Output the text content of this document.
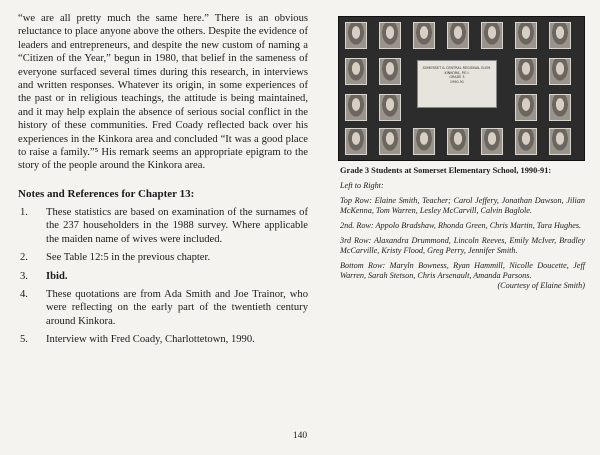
“we are all pretty much the same here.” There is an obvious reluctance to place anyone above the others. Despite the evidence of leaders and entrepreneurs, and despite the new custom of naming a “Citizen of the Year,” begun in 1980, that belief in the sameness of everyone surfaced several times during this research, in interviews and written responses. Whatever its origin, in some experiences of the past or in religious teachings, the attitude is being maintained, and it may help explain the absence of serious social conflict in the history of these communities. Fred Coady reflected back over his experiences in the Kinkora area and concluded “It was a good place to raise a family.”⁵ His remark seems an appropriate epigram to the story of the people around the Kinkora area.

Notes and References for Chapter 13:
1.	These statistics are based on examination of the surnames of the 237 householders in the 1988 survey. Where applicable the maiden name of wives were included.
2.	See Table 12:5 in the previous chapter.
3.	Ibid.
4.	These quotations are from Ada Smith and Joe Trainor, who were reflecting on the early part of the twentieth century around Kinkora.
5.	Interview with Fred Coady, Charlottetown, 1990.
SOMERSET & CENTRAL REGIONAL ELEM.
KINKORA, P.E.I.
GRADE 3
1990-91
Grade 3 Students at Somerset Elementary School, 1990-91:

Left to Right:

Top Row: Elaine Smith, Teacher; Carol Jeffery, Jonathan Dawson, Jilian McKenna, Tom Warren, Lesley McCarvill, Calvin Baglole.

2nd. Row: Appolo Bradshaw, Rhonda Green, Chris Martin, Tara Hughes.

3rd Row: Alaxandra Drummond, Lincoln Reeves, Emily McIver, Bradley McCarville, Kristy Flood, Greg Perry, Jennifer Smith.

Bottom Row: Maryln Bowness, Ryan Hammill, Nicolle Doucette, Jeff Warren, Sarah Stetson, Chris Arsenault, Amanda Parsons.

(Courtesy of Elaine Smith)

140
